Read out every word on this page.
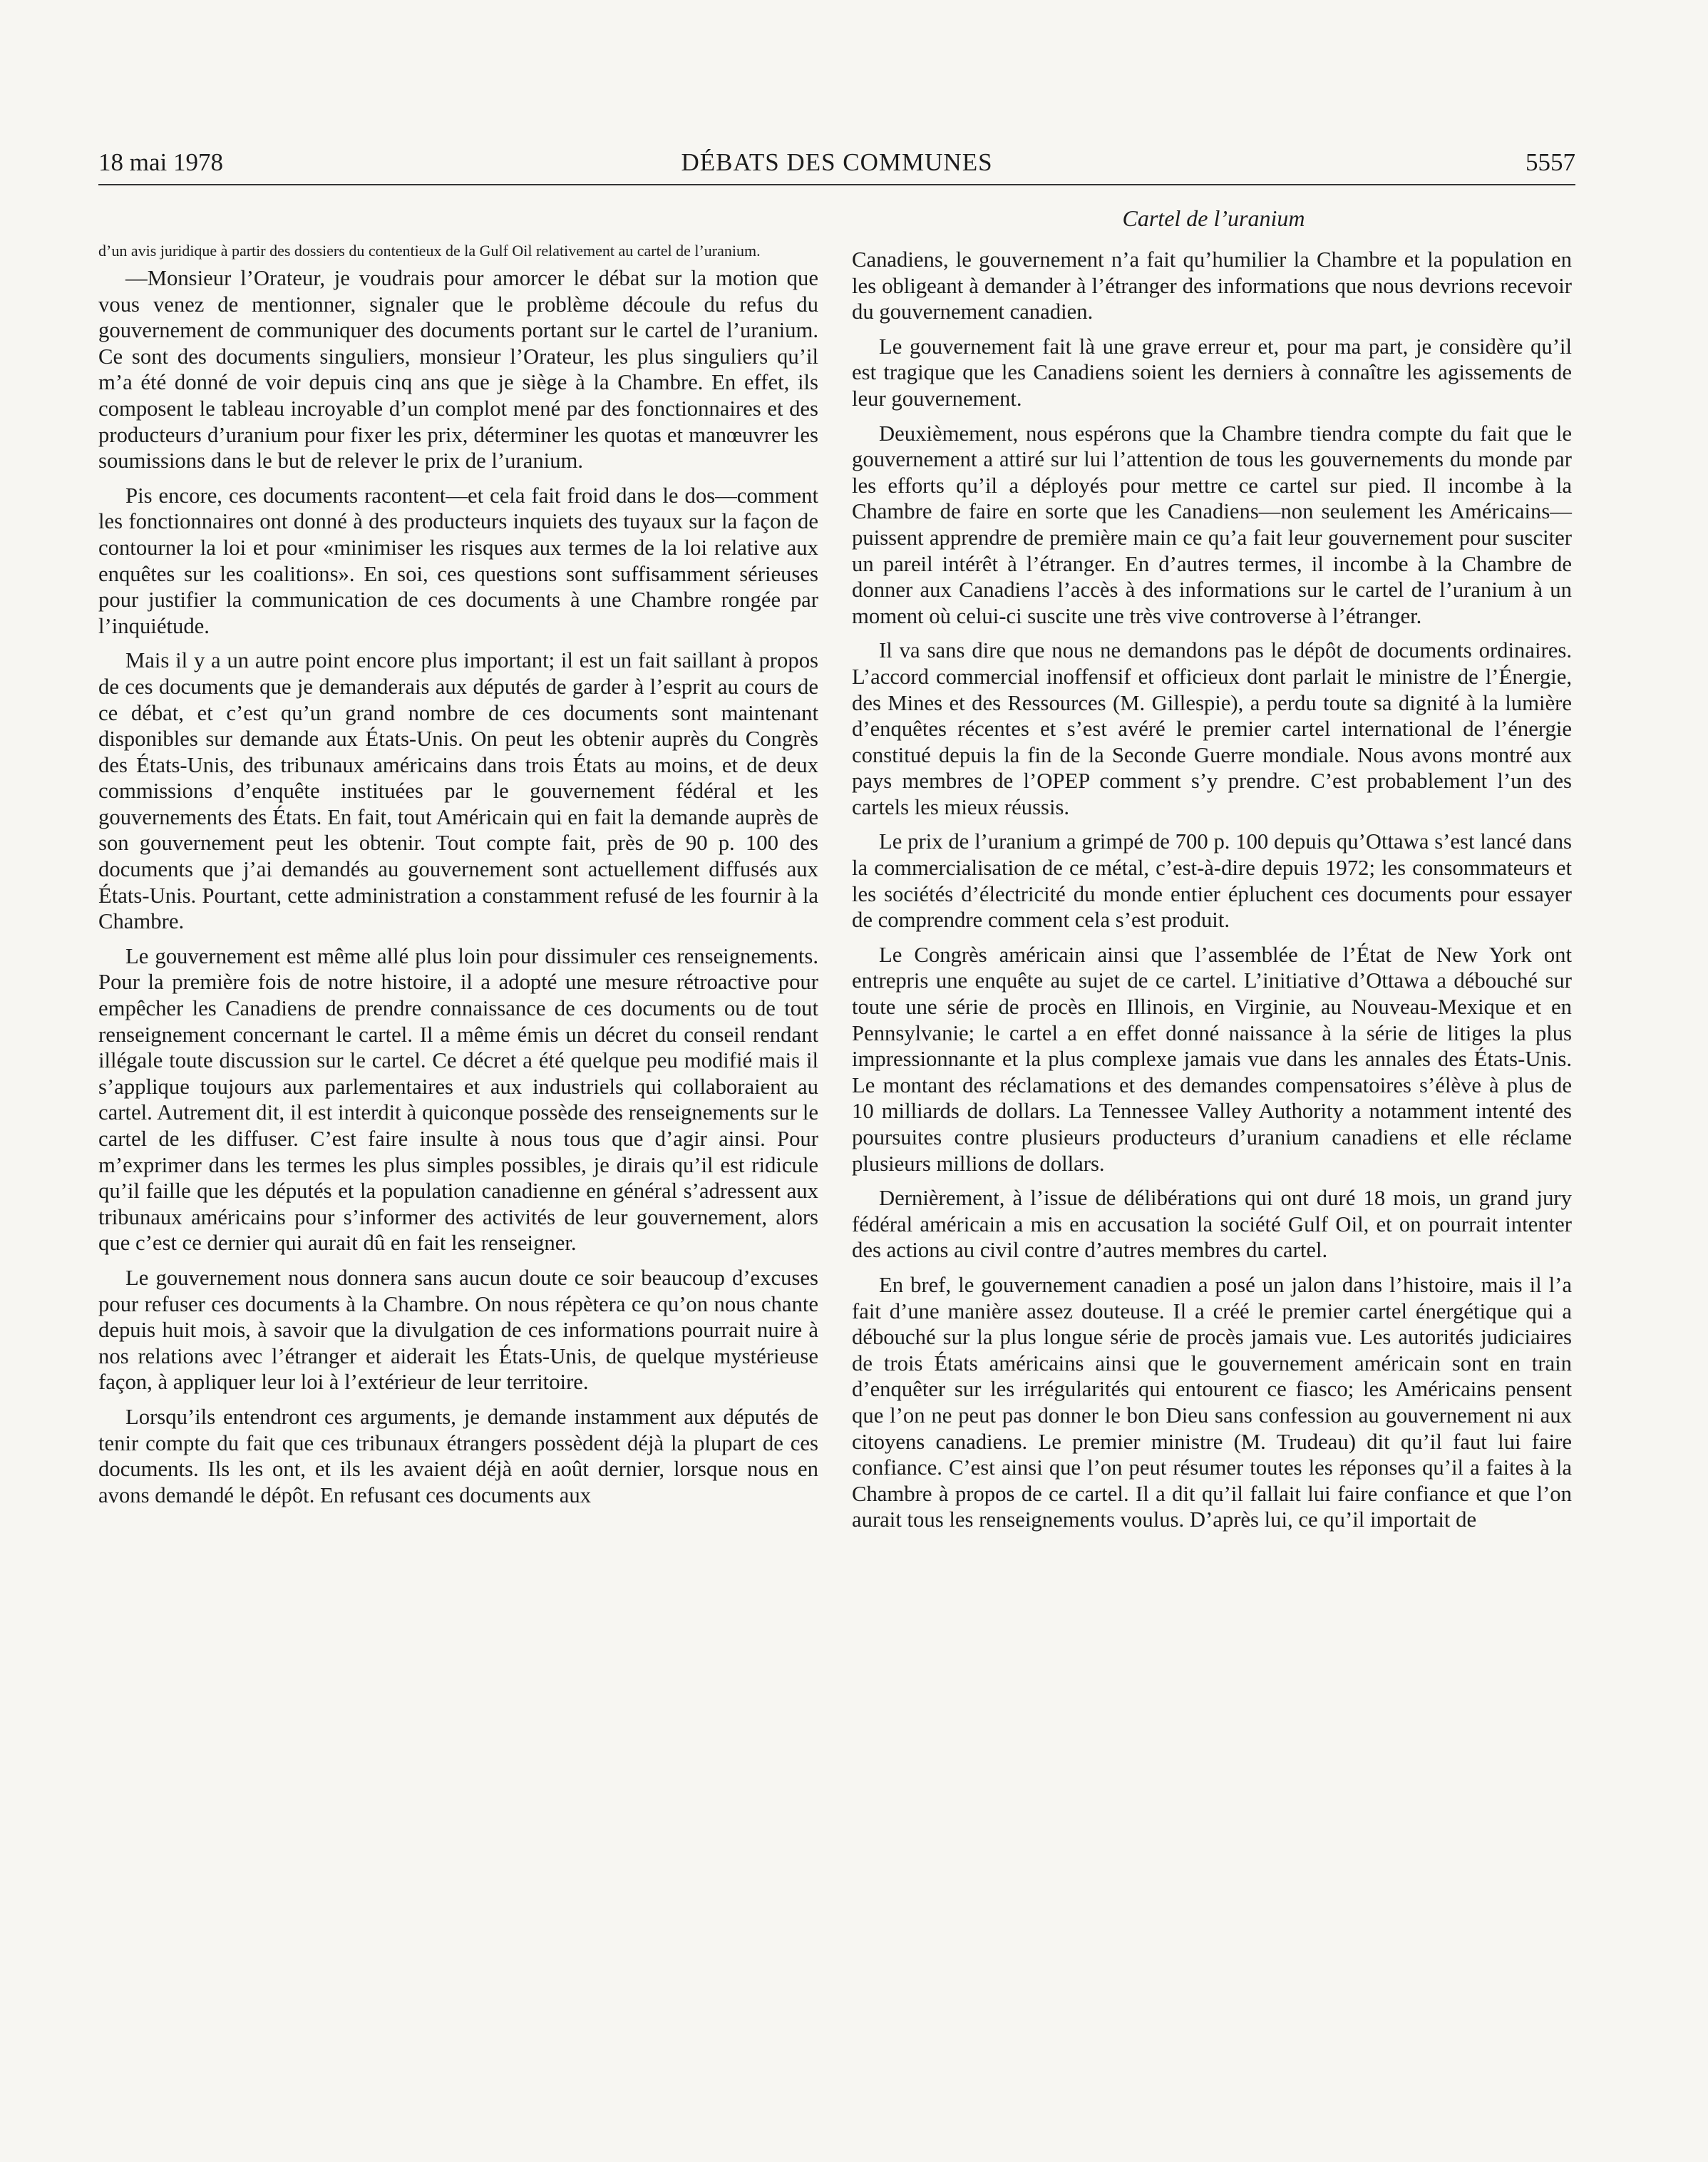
18 mai 1978	DÉBATS DES COMMUNES	5557
Cartel de l’uranium

d’un avis juridique à partir des dossiers du contentieux de la Gulf Oil relativement au cartel de l’uranium.

—Monsieur l’Orateur, je voudrais pour amorcer le débat sur la motion que vous venez de mentionner, signaler que le problème découle du refus du gouvernement de communiquer des documents portant sur le cartel de l’uranium. Ce sont des documents singuliers, monsieur l’Orateur, les plus singuliers qu’il m’a été donné de voir depuis cinq ans que je siège à la Chambre. En effet, ils composent le tableau incroyable d’un complot mené par des fonctionnaires et des producteurs d’uranium pour fixer les prix, déterminer les quotas et manœuvrer les soumissions dans le but de relever le prix de l’uranium.

Pis encore, ces documents racontent—et cela fait froid dans le dos—comment les fonctionnaires ont donné à des producteurs inquiets des tuyaux sur la façon de contourner la loi et pour «minimiser les risques aux termes de la loi relative aux enquêtes sur les coalitions». En soi, ces questions sont suffisamment sérieuses pour justifier la communication de ces documents à une Chambre rongée par l’inquiétude.

Mais il y a un autre point encore plus important; il est un fait saillant à propos de ces documents que je demanderais aux députés de garder à l’esprit au cours de ce débat, et c’est qu’un grand nombre de ces documents sont maintenant disponibles sur demande aux États-Unis. On peut les obtenir auprès du Congrès des États-Unis, des tribunaux américains dans trois États au moins, et de deux commissions d’enquête instituées par le gouvernement fédéral et les gouvernements des États. En fait, tout Américain qui en fait la demande auprès de son gouvernement peut les obtenir. Tout compte fait, près de 90 p. 100 des documents que j’ai demandés au gouvernement sont actuellement diffusés aux États-Unis. Pourtant, cette administration a constamment refusé de les fournir à la Chambre.

Le gouvernement est même allé plus loin pour dissimuler ces renseignements. Pour la première fois de notre histoire, il a adopté une mesure rétroactive pour empêcher les Canadiens de prendre connaissance de ces documents ou de tout renseignement concernant le cartel. Il a même émis un décret du conseil rendant illégale toute discussion sur le cartel. Ce décret a été quelque peu modifié mais il s’applique toujours aux parlementaires et aux industriels qui collaboraient au cartel. Autrement dit, il est interdit à quiconque possède des renseignements sur le cartel de les diffuser. C’est faire insulte à nous tous que d’agir ainsi. Pour m’exprimer dans les termes les plus simples possibles, je dirais qu’il est ridicule qu’il faille que les députés et la population canadienne en général s’adressent aux tribunaux américains pour s’informer des activités de leur gouvernement, alors que c’est ce dernier qui aurait dû en fait les renseigner.

Le gouvernement nous donnera sans aucun doute ce soir beaucoup d’excuses pour refuser ces documents à la Chambre. On nous répètera ce qu’on nous chante depuis huit mois, à savoir que la divulgation de ces informations pourrait nuire à nos relations avec l’étranger et aiderait les États-Unis, de quelque mystérieuse façon, à appliquer leur loi à l’extérieur de leur territoire.

Lorsqu’ils entendront ces arguments, je demande instamment aux députés de tenir compte du fait que ces tribunaux étrangers possèdent déjà la plupart de ces documents. Ils les ont, et ils les avaient déjà en août dernier, lorsque nous en avons demandé le dépôt. En refusant ces documents aux

Canadiens, le gouvernement n’a fait qu’humilier la Chambre et la population en les obligeant à demander à l’étranger des informations que nous devrions recevoir du gouvernement canadien.

Le gouvernement fait là une grave erreur et, pour ma part, je considère qu’il est tragique que les Canadiens soient les derniers à connaître les agissements de leur gouvernement.

Deuxièmement, nous espérons que la Chambre tiendra compte du fait que le gouvernement a attiré sur lui l’attention de tous les gouvernements du monde par les efforts qu’il a déployés pour mettre ce cartel sur pied. Il incombe à la Chambre de faire en sorte que les Canadiens—non seulement les Américains—puissent apprendre de première main ce qu’a fait leur gouvernement pour susciter un pareil intérêt à l’étranger. En d’autres termes, il incombe à la Chambre de donner aux Canadiens l’accès à des informations sur le cartel de l’uranium à un moment où celui-ci suscite une très vive controverse à l’étranger.

Il va sans dire que nous ne demandons pas le dépôt de documents ordinaires. L’accord commercial inoffensif et officieux dont parlait le ministre de l’Énergie, des Mines et des Ressources (M. Gillespie), a perdu toute sa dignité à la lumière d’enquêtes récentes et s’est avéré le premier cartel international de l’énergie constitué depuis la fin de la Seconde Guerre mondiale. Nous avons montré aux pays membres de l’OPEP comment s’y prendre. C’est probablement l’un des cartels les mieux réussis.

Le prix de l’uranium a grimpé de 700 p. 100 depuis qu’Ottawa s’est lancé dans la commercialisation de ce métal, c’est-à-dire depuis 1972; les consommateurs et les sociétés d’électricité du monde entier épluchent ces documents pour essayer de comprendre comment cela s’est produit.

Le Congrès américain ainsi que l’assemblée de l’État de New York ont entrepris une enquête au sujet de ce cartel. L’initiative d’Ottawa a débouché sur toute une série de procès en Illinois, en Virginie, au Nouveau-Mexique et en Pennsylvanie; le cartel a en effet donné naissance à la série de litiges la plus impressionnante et la plus complexe jamais vue dans les annales des États-Unis. Le montant des réclamations et des demandes compensatoires s’élève à plus de 10 milliards de dollars. La Tennessee Valley Authority a notamment intenté des poursuites contre plusieurs producteurs d’uranium canadiens et elle réclame plusieurs millions de dollars.

Dernièrement, à l’issue de délibérations qui ont duré 18 mois, un grand jury fédéral américain a mis en accusation la société Gulf Oil, et on pourrait intenter des actions au civil contre d’autres membres du cartel.

En bref, le gouvernement canadien a posé un jalon dans l’histoire, mais il l’a fait d’une manière assez douteuse. Il a créé le premier cartel énergétique qui a débouché sur la plus longue série de procès jamais vue. Les autorités judiciaires de trois États américains ainsi que le gouvernement américain sont en train d’enquêter sur les irrégularités qui entourent ce fiasco; les Américains pensent que l’on ne peut pas donner le bon Dieu sans confession au gouvernement ni aux citoyens canadiens. Le premier ministre (M. Trudeau) dit qu’il faut lui faire confiance. C’est ainsi que l’on peut résumer toutes les réponses qu’il a faites à la Chambre à propos de ce cartel. Il a dit qu’il fallait lui faire confiance et que l’on aurait tous les renseignements voulus. D’après lui, ce qu’il importait de
